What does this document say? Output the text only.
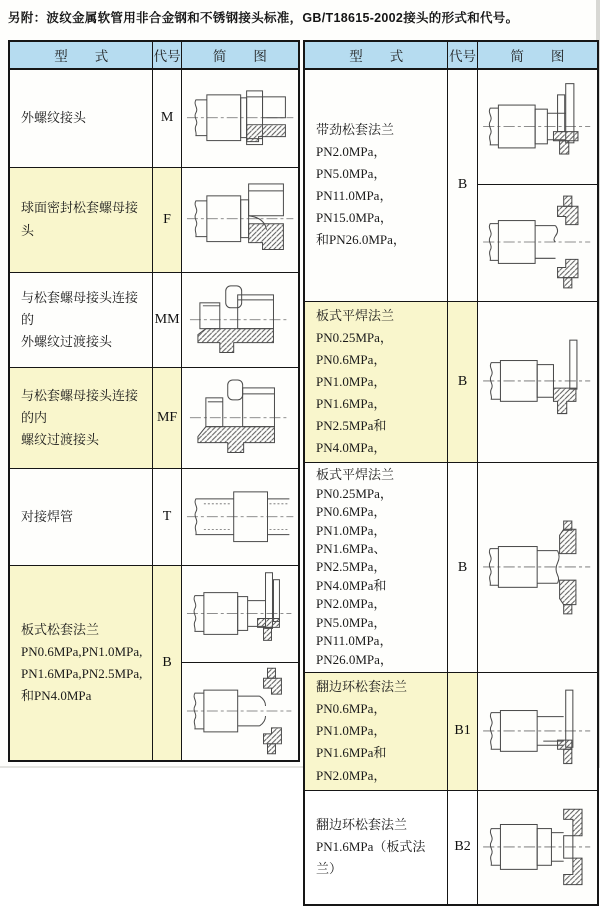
另附：波纹金属软管用非合金钢和不锈钢接头标准，GB/T18615-2002接头的形式和代号。
型　　式	代号	简　　图
外螺纹接头	M	

球面密封松套螺母接头	F	

与松套螺母接头连接的
外螺纹过渡接头	MM	

与松套螺母接头连接的内
螺纹过渡接头	MF	

对接焊管	T	

板式松套法兰
PN0.6MPa,PN1.0MPa,
PN1.6MPa,PN2.5MPa,
和PN4.0MPa	B	
型　　式	代号	简　　图
带劲松套法兰
PN2.0MPa，PN5.0MPa，
PN11.0MPa，PN15.0MPa，
和PN26.0MPa，	B	

板式平焊法兰
PN0.25MPa，PN0.6MPa，
PN1.0MPa，PN1.6MPa，
PN2.5MPa和PN4.0MPa，	B	

板式平焊法兰
PN0.25MPa，PN0.6MPa，
PN1.0MPa，PN1.6MPa、
PN2.5MPa，PN4.0MPa和
PN2.0MPa，PN5.0MPa，
PN11.0MPa，PN26.0MPa，	B	

翻边环松套法兰
PN0.6MPa，PN1.0MPa，
PN1.6MPa和PN2.0MPa，	B1	

翻边环松套法兰
PN1.6MPa（板式法兰）	B2	
